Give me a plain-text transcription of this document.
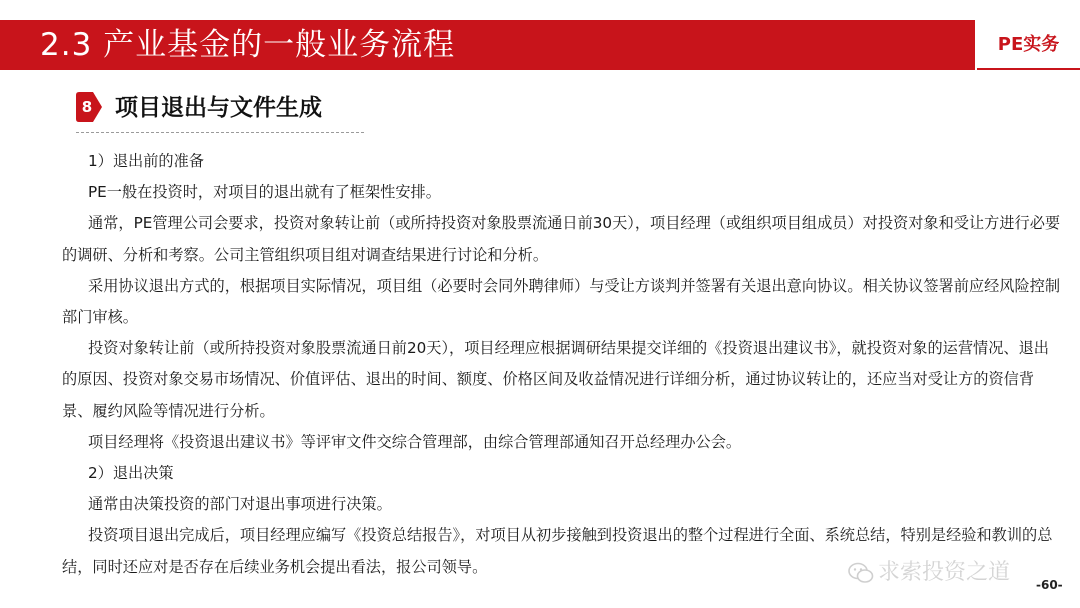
2.3 产业基金的一般业务流程	PE实务
8 项目退出与文件生成

1）退出前的准备

PE一般在投资时，对项目的退出就有了框架性安排。

通常，PE管理公司会要求，投资对象转让前（或所持投资对象股票流通日前30天），项目经理（或组织项目组成员）对投资对象和受让方进行必要的调研、分析和考察。公司主管组织项目组对调查结果进行讨论和分析。

采用协议退出方式的，根据项目实际情况，项目组（必要时会同外聘律师）与受让方谈判并签署有关退出意向协议。相关协议签署前应经风险控制部门审核。

投资对象转让前（或所持投资对象股票流通日前20天），项目经理应根据调研结果提交详细的《投资退出建议书》，就投资对象的运营情况、退出的原因、投资对象交易市场情况、价值评估、退出的时间、额度、价格区间及收益情况进行详细分析，通过协议转让的，还应当对受让方的资信背景、履约风险等情况进行分析。

项目经理将《投资退出建议书》等评审文件交综合管理部，由综合管理部通知召开总经理办公会。

2）退出决策

通常由决策投资的部门对退出事项进行决策。

投资项目退出完成后，项目经理应编写《投资总结报告》，对项目从初步接触到投资退出的整个过程进行全面、系统总结，特别是经验和教训的总结，同时还应对是否存在后续业务机会提出看法，报公司领导。	求索投资之道 -60-
